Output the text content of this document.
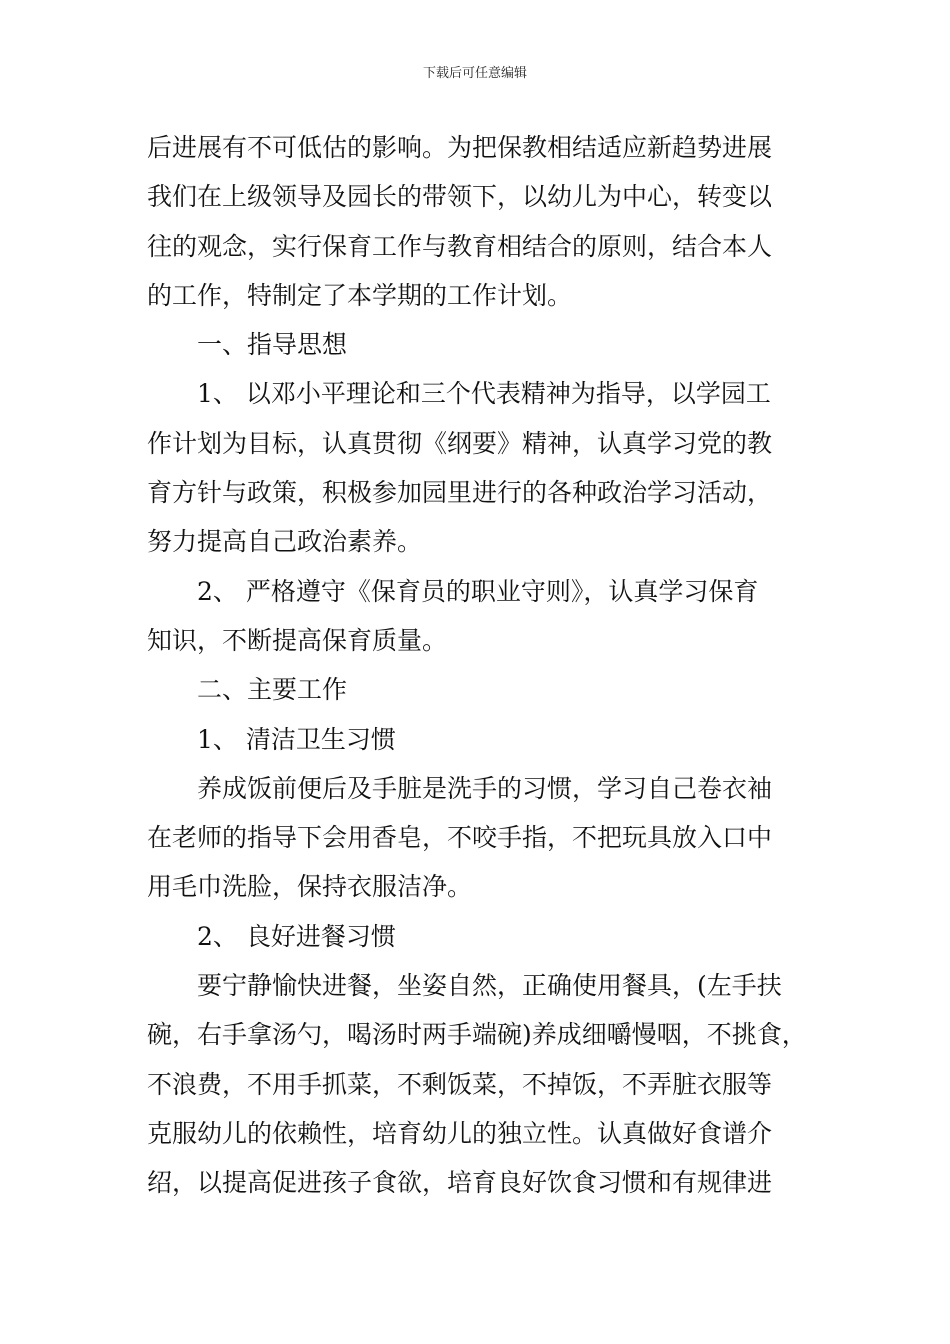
下载后可任意编辑
后进展有不可低估的影响。为把保教相结适应新趋势进展
我们在上级领导及园长的带领下，以幼儿为中心，转变以
往的观念，实行保育工作与教育相结合的原则，结合本人
的工作，特制定了本学期的工作计划。
一、指导思想
1、 以邓小平理论和三个代表精神为指导，以学园工
作计划为目标，认真贯彻《纲要》精神，认真学习党的教
育方针与政策，积极参加园里进行的各种政治学习活动，
努力提高自己政治素养。
2、 严格遵守《保育员的职业守则》，认真学习保育
知识，不断提高保育质量。
二、主要工作
1、 清洁卫生习惯
养成饭前便后及手脏是洗手的习惯，学习自己卷衣袖
在老师的指导下会用香皂，不咬手指，不把玩具放入口中
用毛巾洗脸，保持衣服洁净。
2、 良好进餐习惯
要宁静愉快进餐，坐姿自然，正确使用餐具，(左手扶
碗，右手拿汤勺，喝汤时两手端碗)养成细嚼慢咽，不挑食，
不浪费，不用手抓菜，不剩饭菜，不掉饭，不弄脏衣服等
克服幼儿的依赖性，培育幼儿的独立性。认真做好食谱介
绍，以提高促进孩子食欲，培育良好饮食习惯和有规律进
